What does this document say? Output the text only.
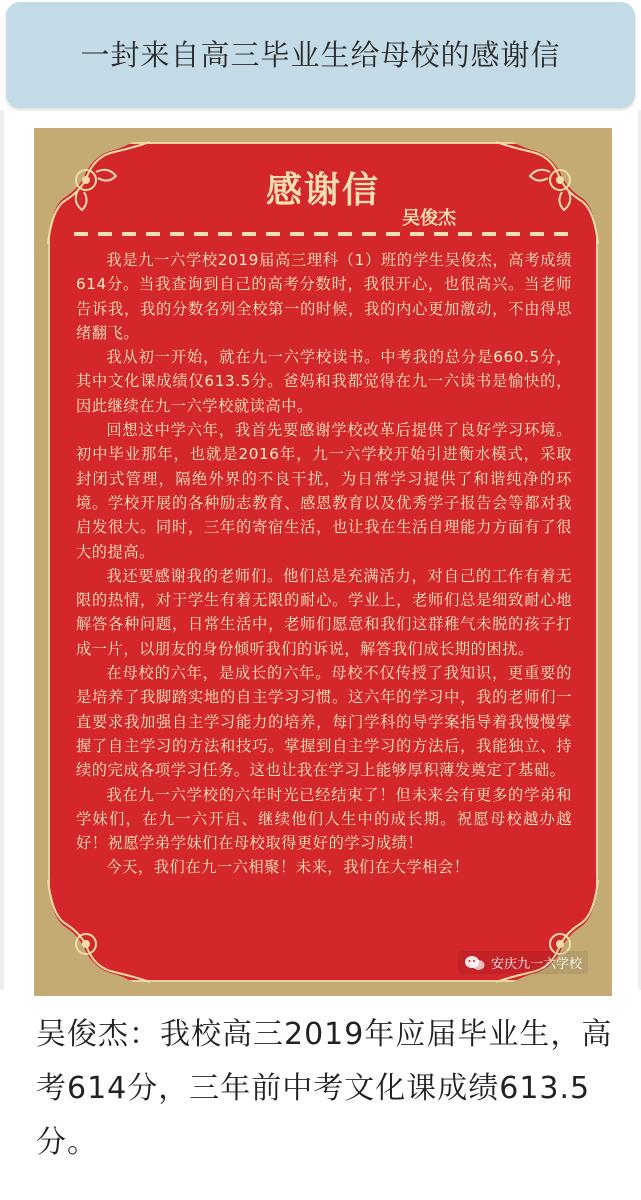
一封来自高三毕业生给母校的感谢信
感谢信
吴俊杰

我是九一六学校2019届高三理科（1）班的学生吴俊杰，高考成绩614分。当我查询到自己的高考分数时，我很开心，也很高兴。当老师告诉我，我的分数名列全校第一的时候，我的内心更加激动，不由得思绪翻飞。

我从初一开始，就在九一六学校读书。中考我的总分是660.5分，其中文化课成绩仅613.5分。爸妈和我都觉得在九一六读书是愉快的，因此继续在九一六学校就读高中。

回想这中学六年，我首先要感谢学校改革后提供了良好学习环境。初中毕业那年，也就是2016年，九一六学校开始引进衡水模式，采取封闭式管理，隔绝外界的不良干扰，为日常学习提供了和谐纯净的环境。学校开展的各种励志教育、感恩教育以及优秀学子报告会等都对我启发很大。同时，三年的寄宿生活，也让我在生活自理能力方面有了很大的提高。

我还要感谢我的老师们。他们总是充满活力，对自己的工作有着无限的热情，对于学生有着无限的耐心。学业上，老师们总是细致耐心地解答各种问题，日常生活中，老师们愿意和我们这群稚气未脱的孩子打成一片，以朋友的身份倾听我们的诉说，解答我们成长期的困扰。

在母校的六年，是成长的六年。母校不仅传授了我知识，更重要的是培养了我脚踏实地的自主学习习惯。这六年的学习中，我的老师们一直要求我加强自主学习能力的培养，每门学科的导学案指导着我慢慢掌握了自主学习的方法和技巧。掌握到自主学习的方法后，我能独立、持续的完成各项学习任务。这也让我在学习上能够厚积薄发奠定了基础。

我在九一六学校的六年时光已经结束了！但未来会有更多的学弟和学妹们，在九一六开启、继续他们人生中的成长期。祝愿母校越办越好！祝愿学弟学妹们在母校取得更好的学习成绩！

今天，我们在九一六相聚！未来，我们在大学相会！

安庆九一六学校
吴俊杰：我校高三2019年应届毕业生，高考614分，三年前中考文化课成绩613.5分。
